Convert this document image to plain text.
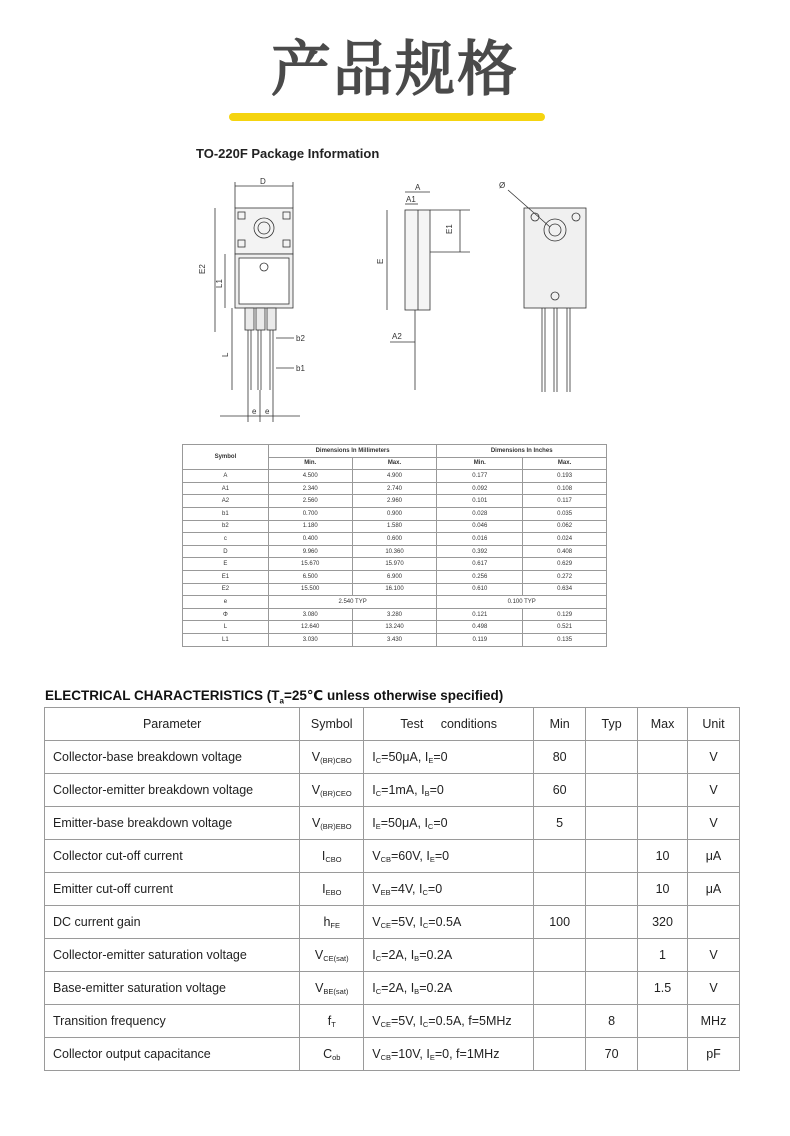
产品规格
TO-220F Package Information
D
E2
L1
L
b2
b1
e e
A
A1
A2
E
E1
Ø
Symbol	Dimensions In Millimeters		Dimensions In Inches	
	Min.	Max.	Min.	Max.
A	4.500	4.900	0.177	0.193
A1	2.340	2.740	0.092	0.108
A2	2.560	2.960	0.101	0.117
b1	0.700	0.900	0.028	0.035
b2	1.180	1.580	0.046	0.062
c	0.400	0.600	0.016	0.024
D	9.960	10.360	0.392	0.408
E	15.670	15.970	0.617	0.629
E1	6.500	6.900	0.256	0.272
E2	15.500	16.100	0.610	0.634
e	2.540 TYP		0.100 TYP	
Φ	3.080	3.280	0.121	0.129
L	12.640	13.240	0.498	0.521
L1	3.030	3.430	0.119	0.135
ELECTRICAL CHARACTERISTICS ($T_a=25℃$ unless otherwise specified)
Parameter	Symbol	Test     conditions	Min	Typ	Max	Unit
Collector-base breakdown voltage	$V_{(BR)CBO}$	$I_C=50\mu A$, $I_E=0$	80			V
Collector-emitter breakdown voltage	$V_{(BR)CEO}$	$I_C=1mA$, $I_B=0$	60			V
Emitter-base breakdown voltage	$V_{(BR)EBO}$	$I_E=50\mu A$, $I_C=0$	5			V
Collector cut-off current	$I_{CBO}$	$V_{CB}=60V$, $I_E=0$			10	μA
Emitter cut-off current	$I_{EBO}$	$V_{EB}=4V$, $I_C=0$			10	μA
DC current gain	$h_{FE}$	$V_{CE}=5V$, $I_C=0.5A$	100		320	
Collector-emitter saturation voltage	$V_{CE(sat)}$	$I_C=2A$, $I_B=0.2A$			1	V
Base-emitter saturation voltage	$V_{BE(sat)}$	$I_C=2A$, $I_B=0.2A$			1.5	V
Transition frequency	$f_T$	$V_{CE}=5V$, $I_C=0.5A$, f=5MHz		8		MHz
Collector output capacitance	$C_{ob}$	$V_{CB}=10V$, $I_E=0$, f=1MHz		70		pF
